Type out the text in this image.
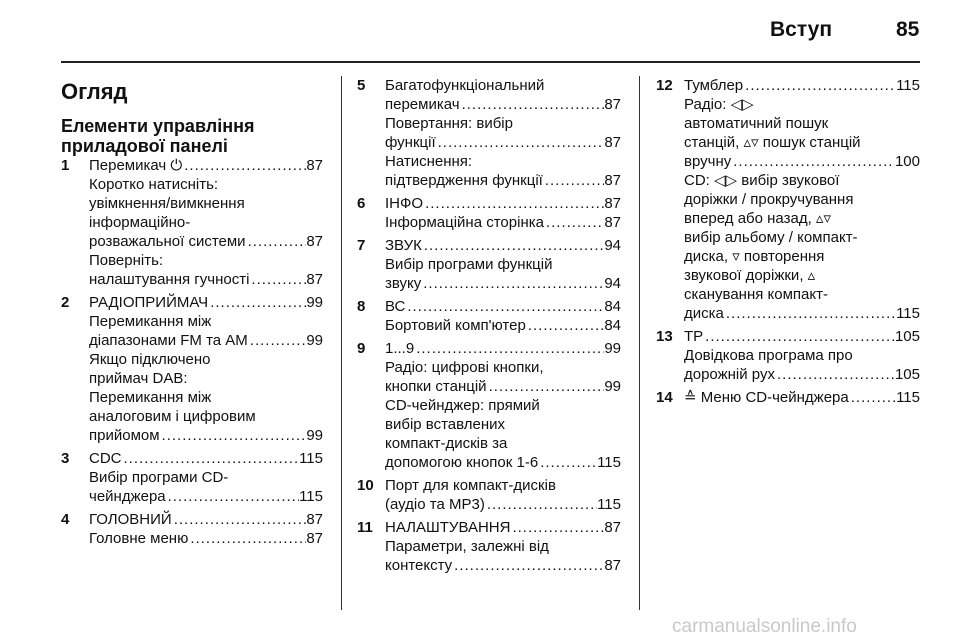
Вступ	85
Огляд
Елементи управління
приладової панелі
1	Перемикач ⏻ .....	87
Коротко натисніть:
увімкнення/вимкнення
інформаційно-
розважальної системи .....	87
Поверніть:
налаштування гучності .....	87
2	РАДІОПРИЙМАЧ .....	99
Перемикання між
діапазонами FM та AM .....	99
Якщо підключено
приймач DAB:
Перемикання між
аналоговим і цифровим
прийомом .....	99
3	CDC .....	115
Вибір програми CD-
чейнджера .....	115
4	ГОЛОВНИЙ .....	87
Головне меню .....	87
5	Багатофункціональний
перемикач .....	87
Повертання: вибір
функції .....	87
Натиснення:
підтвердження функції .....	87
6	ІНФО .....	87
Інформаційна сторінка .....	87
7	ЗВУК .....	94
Вибір програми функцій
звуку .....	94
8	ВС .....	84
Бортовий комп'ютер .....	84
9	1...9 .....	99
Радіо: цифрові кнопки,
кнопки станцій .....	99
CD-чейнджер: прямий
вибір вставлених
компакт-дисків за
допомогою кнопок 1-6 .....	115
10 Порт для компакт-дисків
(аудіо та MP3) .....	115
11 НАЛАШТУВАННЯ .....	87
Параметри, залежні від
контексту .....	87
12 Тумблер .....	115
Радіо: ◁▷
автоматичний пошук
станцій, ▵▿ пошук станцій
вручну .....	100
CD: ◁▷ вибір звукової
доріжки / прокручування
вперед або назад, ▵▿
вибір альбому / компакт-
диска, ▿ повторення
звукової доріжки, ▵
сканування компакт-
диска .....	115
13 TP .....	105
Довідкова програма про
дорожній рух .....	105
14 ≙ Меню CD-чейнджера .....	115
carmanualsonline.info
